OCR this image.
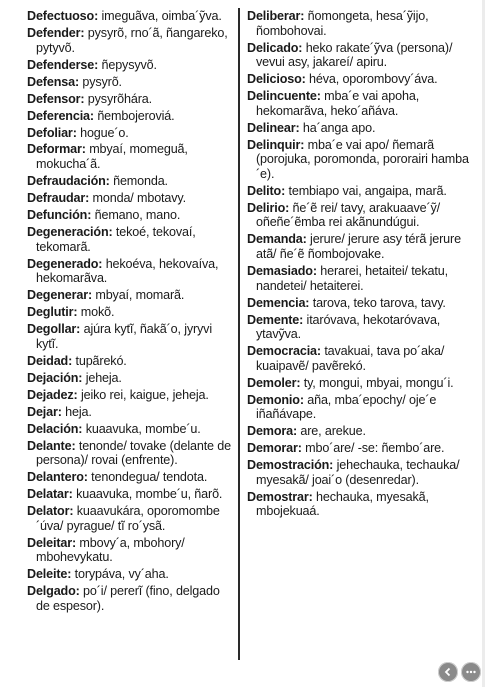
Defectuoso: imeguãva, oimba´ỹva.

Defender: pysyrõ, rno´ã, ñangareko, pytyvõ.

Defenderse: ñepysyvõ.

Defensa: pysyrõ.

Defensor: pysyrõhára.

Deferencia: ñembojeroviá.

Defoliar: hogue´o.

Deformar: mbyaí, momeguã, mokucha´ã.

Defraudación: ñemonda.

Defraudar: monda/ mbotavy.

Defunción: ñemano, mano.

Degeneración: tekoé, tekovaí, tekomarã.

Degenerado: hekoéva, hekovaíva, hekomarãva.

Degenerar: mbyaí, momarã.

Deglutir: mokõ.

Degollar: ajúra kytĩ, ñakã´o, jyryvi kytĩ.

Deidad: tupãrekó.

Dejación: jeheja.

Dejadez: jeiko rei, kaigue, jeheja.

Dejar: heja.

Delación: kuaavuka, mombe´u.

Delante: tenonde/ tovake (delante de persona)/ rovai (enfrente).

Delantero: tenondegua/ tendota.

Delatar: kuaavuka, mombe´u, ñarõ.

Delator: kuaavukára, oporomombe´úva/ pyrague/ tĩ ro´ysã.

Deleitar: mbovy´a, mbohory/ mbohevykatu.

Deleite: torypáva, vy´aha.

Delgado: po´i/ pererĩ (fino, delgado de espesor).

Deliberar: ñomongeta, hesa´ỹijo, ñombohovai.

Delicado: heko rakate´ỹva (persona)/ vevui asy, jakareí/ apiru.

Delicioso: héva, oporombovy´áva.

Delincuente: mba´e vai apoha, hekomarãva, heko´añáva.

Delinear: ha´anga apo.

Delinquir: mba´e vai apo/ ñemarã (porojuka, poromonda, pororairi hamba´e).

Delito: tembiapo vai, angaipa, marã.

Delirio: ñe´ẽ rei/ tavy, arakuaave´ỹ/ oñeñe´ẽmba rei akãnundúgui.

Demanda: jerure/ jerure asy térã jerure atã/ ñe´ẽ ñombojovake.

Demasiado: herarei, hetaitei/ tekatu, nandetei/ hetaiterei.

Demencia: tarova, teko tarova, tavy.

Demente: itaróvava, hekotaróvava, ytavỹva.

Democracia: tavakuai, tava po´aka/ kuaipavẽ/ pavẽrekó.

Demoler: ty, mongui, mbyai, mongu´i.

Demonio: aña, mba´epochy/ oje´e iñañávape.

Demora: are, arekue.

Demorar: mbo´are/ -se: ñembo´are.

Demostración: jehechauka, techauka/ myesakã/ joai´o (desenredar).

Demostrar: hechauka, myesakã, mbojekuaá.
